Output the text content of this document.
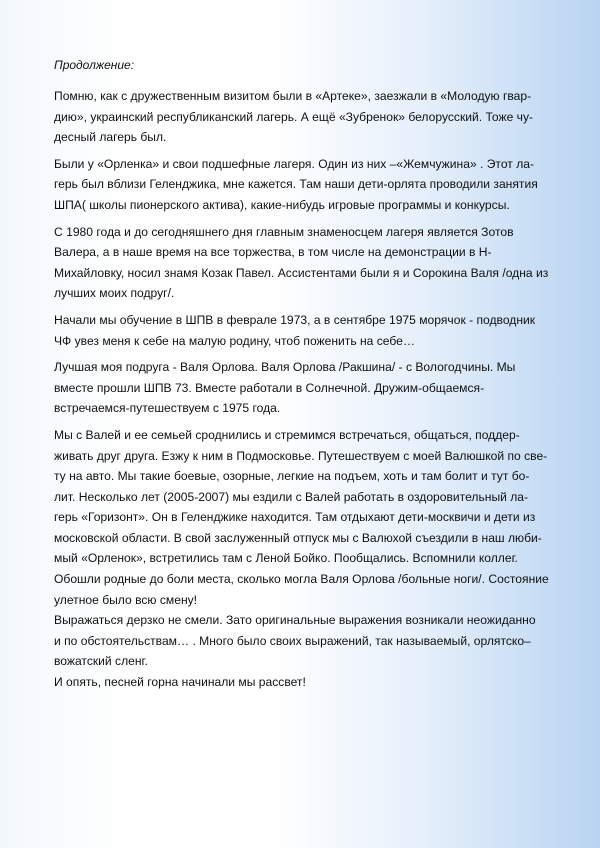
Продолжение:

Помню, как с дружественным визитом были в «Артеке», заезжали в «Молодую гвар-
дию», украинский республиканский лагерь. А ещё «Зубренок» белорусский. Тоже чу-
десный лагерь был.

Были у «Орленка» и свои подшефные лагеря. Один из них –«Жемчужина» . Этот ла-
герь был вблизи Геленджика, мне кажется. Там наши дети-орлята проводили занятия
ШПА( школы пионерского актива), какие-нибудь игровые программы и конкурсы.

С 1980 года и до сегодняшнего дня главным знаменосцем лагеря является Зотов
Валера, а в наше время на все торжества, в том числе на демонстрации в Н-
Михайловку, носил знамя Козак Павел. Ассистентами были я и Сорокина Валя /одна из
лучших моих подруг/.

Начали мы обучение в ШПВ в феврале 1973, а в сентябре 1975 морячок - подводник
ЧФ увез меня к себе на малую родину, чтоб поженить на себе…

Лучшая моя подруга - Валя Орлова. Валя Орлова /Ракшина/ - с Вологодчины. Мы
вместе прошли ШПВ 73. Вместе работали в Солнечной. Дружим-общаемся-
встречаемся-путешествуем с 1975 года.

Мы с Валей и ее семьей сроднились и стремимся встречаться, общаться, поддер-
живать друг друга. Езжу к ним в Подмосковье. Путешествуем с моей Валюшкой по све-
ту на авто. Мы такие боевые, озорные, легкие на подъем, хоть и там болит и тут бо-
лит. Несколько лет (2005-2007) мы ездили с Валей работать в оздоровительный ла-
герь «Горизонт». Он в Геленджике находится. Там отдыхают дети-москвичи и дети из
московской области. В свой заслуженный отпуск мы с Валюхой съездили в наш люби-
мый «Орленок», встретились там с Леной Бойко. Пообщались. Вспомнили коллег.
Обошли родные до боли места, сколько могла Валя Орлова /больные ноги/. Состояние
улетное было всю смену!

Выражаться дерзко не смели. Зато оригинальные выражения возникали неожиданно
и по обстоятельствам… . Много было своих выражений, так называемый, орлятско–
вожатский сленг.

И опять, песней горна начинали мы рассвет!
